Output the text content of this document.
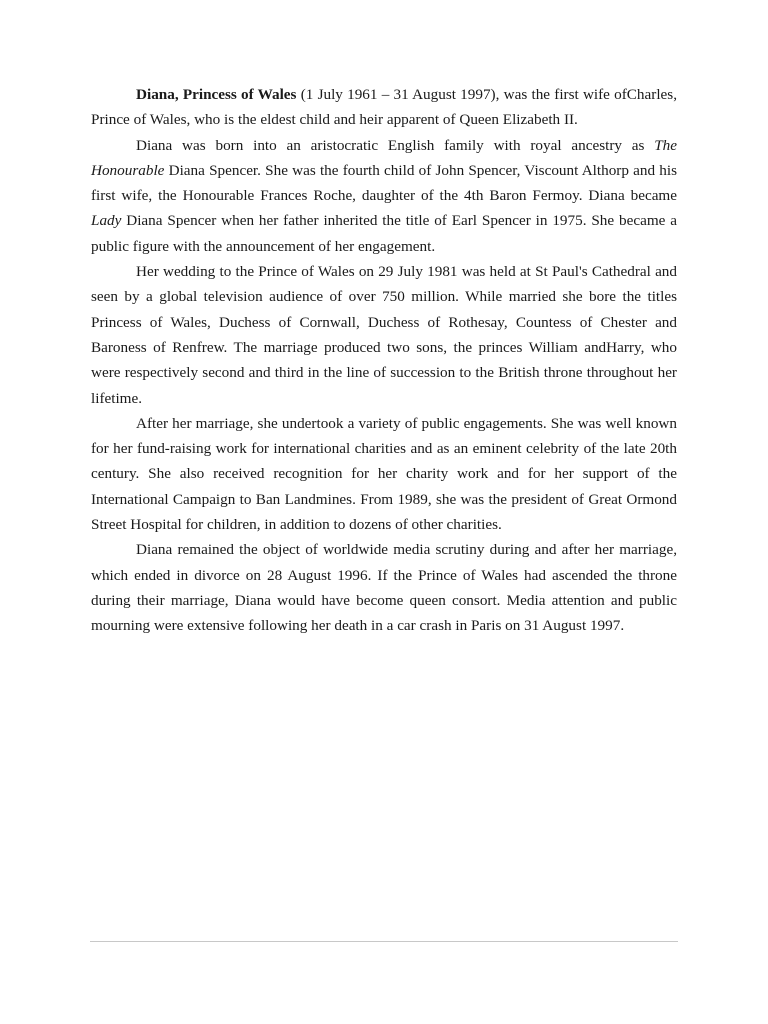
Diana, Princess of Wales (1 July 1961 – 31 August 1997), was the first wife ofCharles, Prince of Wales, who is the eldest child and heir apparent of Queen Elizabeth II.

Diana was born into an aristocratic English family with royal ancestry as The Honourable Diana Spencer. She was the fourth child of John Spencer, Viscount Althorp and his first wife, the Honourable Frances Roche, daughter of the 4th Baron Fermoy. Diana became Lady Diana Spencer when her father inherited the title of Earl Spencer in 1975. She became a public figure with the announcement of her engagement.

Her wedding to the Prince of Wales on 29 July 1981 was held at St Paul's Cathedral and seen by a global television audience of over 750 million. While married she bore the titles Princess of Wales, Duchess of Cornwall, Duchess of Rothesay, Countess of Chester and Baroness of Renfrew. The marriage produced two sons, the princes William andHarry, who were respectively second and third in the line of succession to the British throne throughout her lifetime.

After her marriage, she undertook a variety of public engagements. She was well known for her fund-raising work for international charities and as an eminent celebrity of the late 20th century. She also received recognition for her charity work and for her support of the International Campaign to Ban Landmines. From 1989, she was the president of Great Ormond Street Hospital for children, in addition to dozens of other charities.

Diana remained the object of worldwide media scrutiny during and after her marriage, which ended in divorce on 28 August 1996. If the Prince of Wales had ascended the throne during their marriage, Diana would have become queen consort. Media attention and public mourning were extensive following her death in a car crash in Paris on 31 August 1997.
